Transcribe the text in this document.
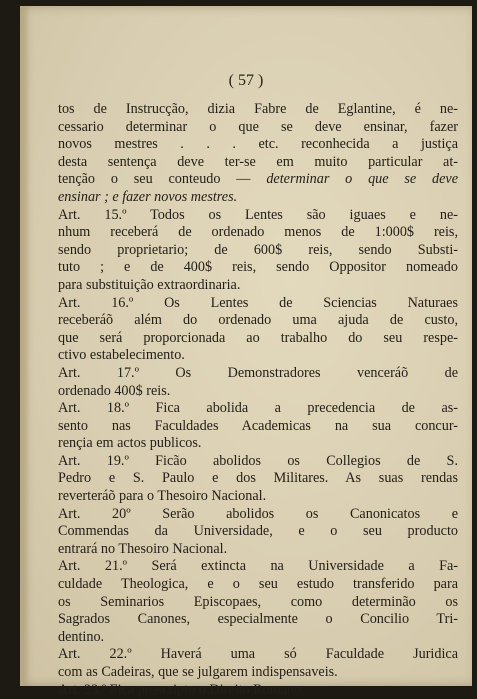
( 57 )
tos de Instrucção, dizia Fabre de Eglantine, é ne-
cessario determinar o que se deve ensinar, fazer
novos mestres . . . etc. reconhecida a justiça
desta sentença deve ter-se em muito particular at-
tenção o seu conteudo — determinar o que se deve
ensinar ; e fazer novos mestres.
Art. 15.º Todos os Lentes são iguaes e ne-
nhum receberá de ordenado menos de 1:000$ reis,
sendo proprietario; de 600$ reis, sendo Substi-
tuto ; e de 400$ reis, sendo Oppositor nomeado
para substituição extraordinaria.
Art. 16.º Os Lentes de Sciencias Naturaes
receberáõ além do ordenado uma ajuda de custo,
que será proporcionada ao trabalho do seu respe-
ctivo estabelecimento.
Art. 17.º Os Demonstradores venceráõ de
ordenado 400$ reis.
Art. 18.º Fica abolida a precedencia de as-
sento nas Faculdades Academicas na sua concur-
rençia em actos publicos.
Art. 19.º Ficão abolidos os Collegios de S.
Pedro e S. Paulo e dos Militares. As suas rendas
reverteráõ para o Thesoiro Nacional.
Art. 20º Serão abolidos os Canonicatos e
Commendas da Universidade, e o seu producto
entrará no Thesoiro Nacional.
Art. 21.º Será extincta na Universidade a Fa-
culdade Theologica, e o seu estudo transferido para
os Seminarios Episcopaes, como determinão os
Sagrados Canones, especialmente o Concilio Tri-
dentino.
Art. 22.º Haverá uma só Faculdade Juridica
com as Cadeiras, que se julgarem indispensaveis.
Art. 23.º Fica proscripto o Direito Romano.
